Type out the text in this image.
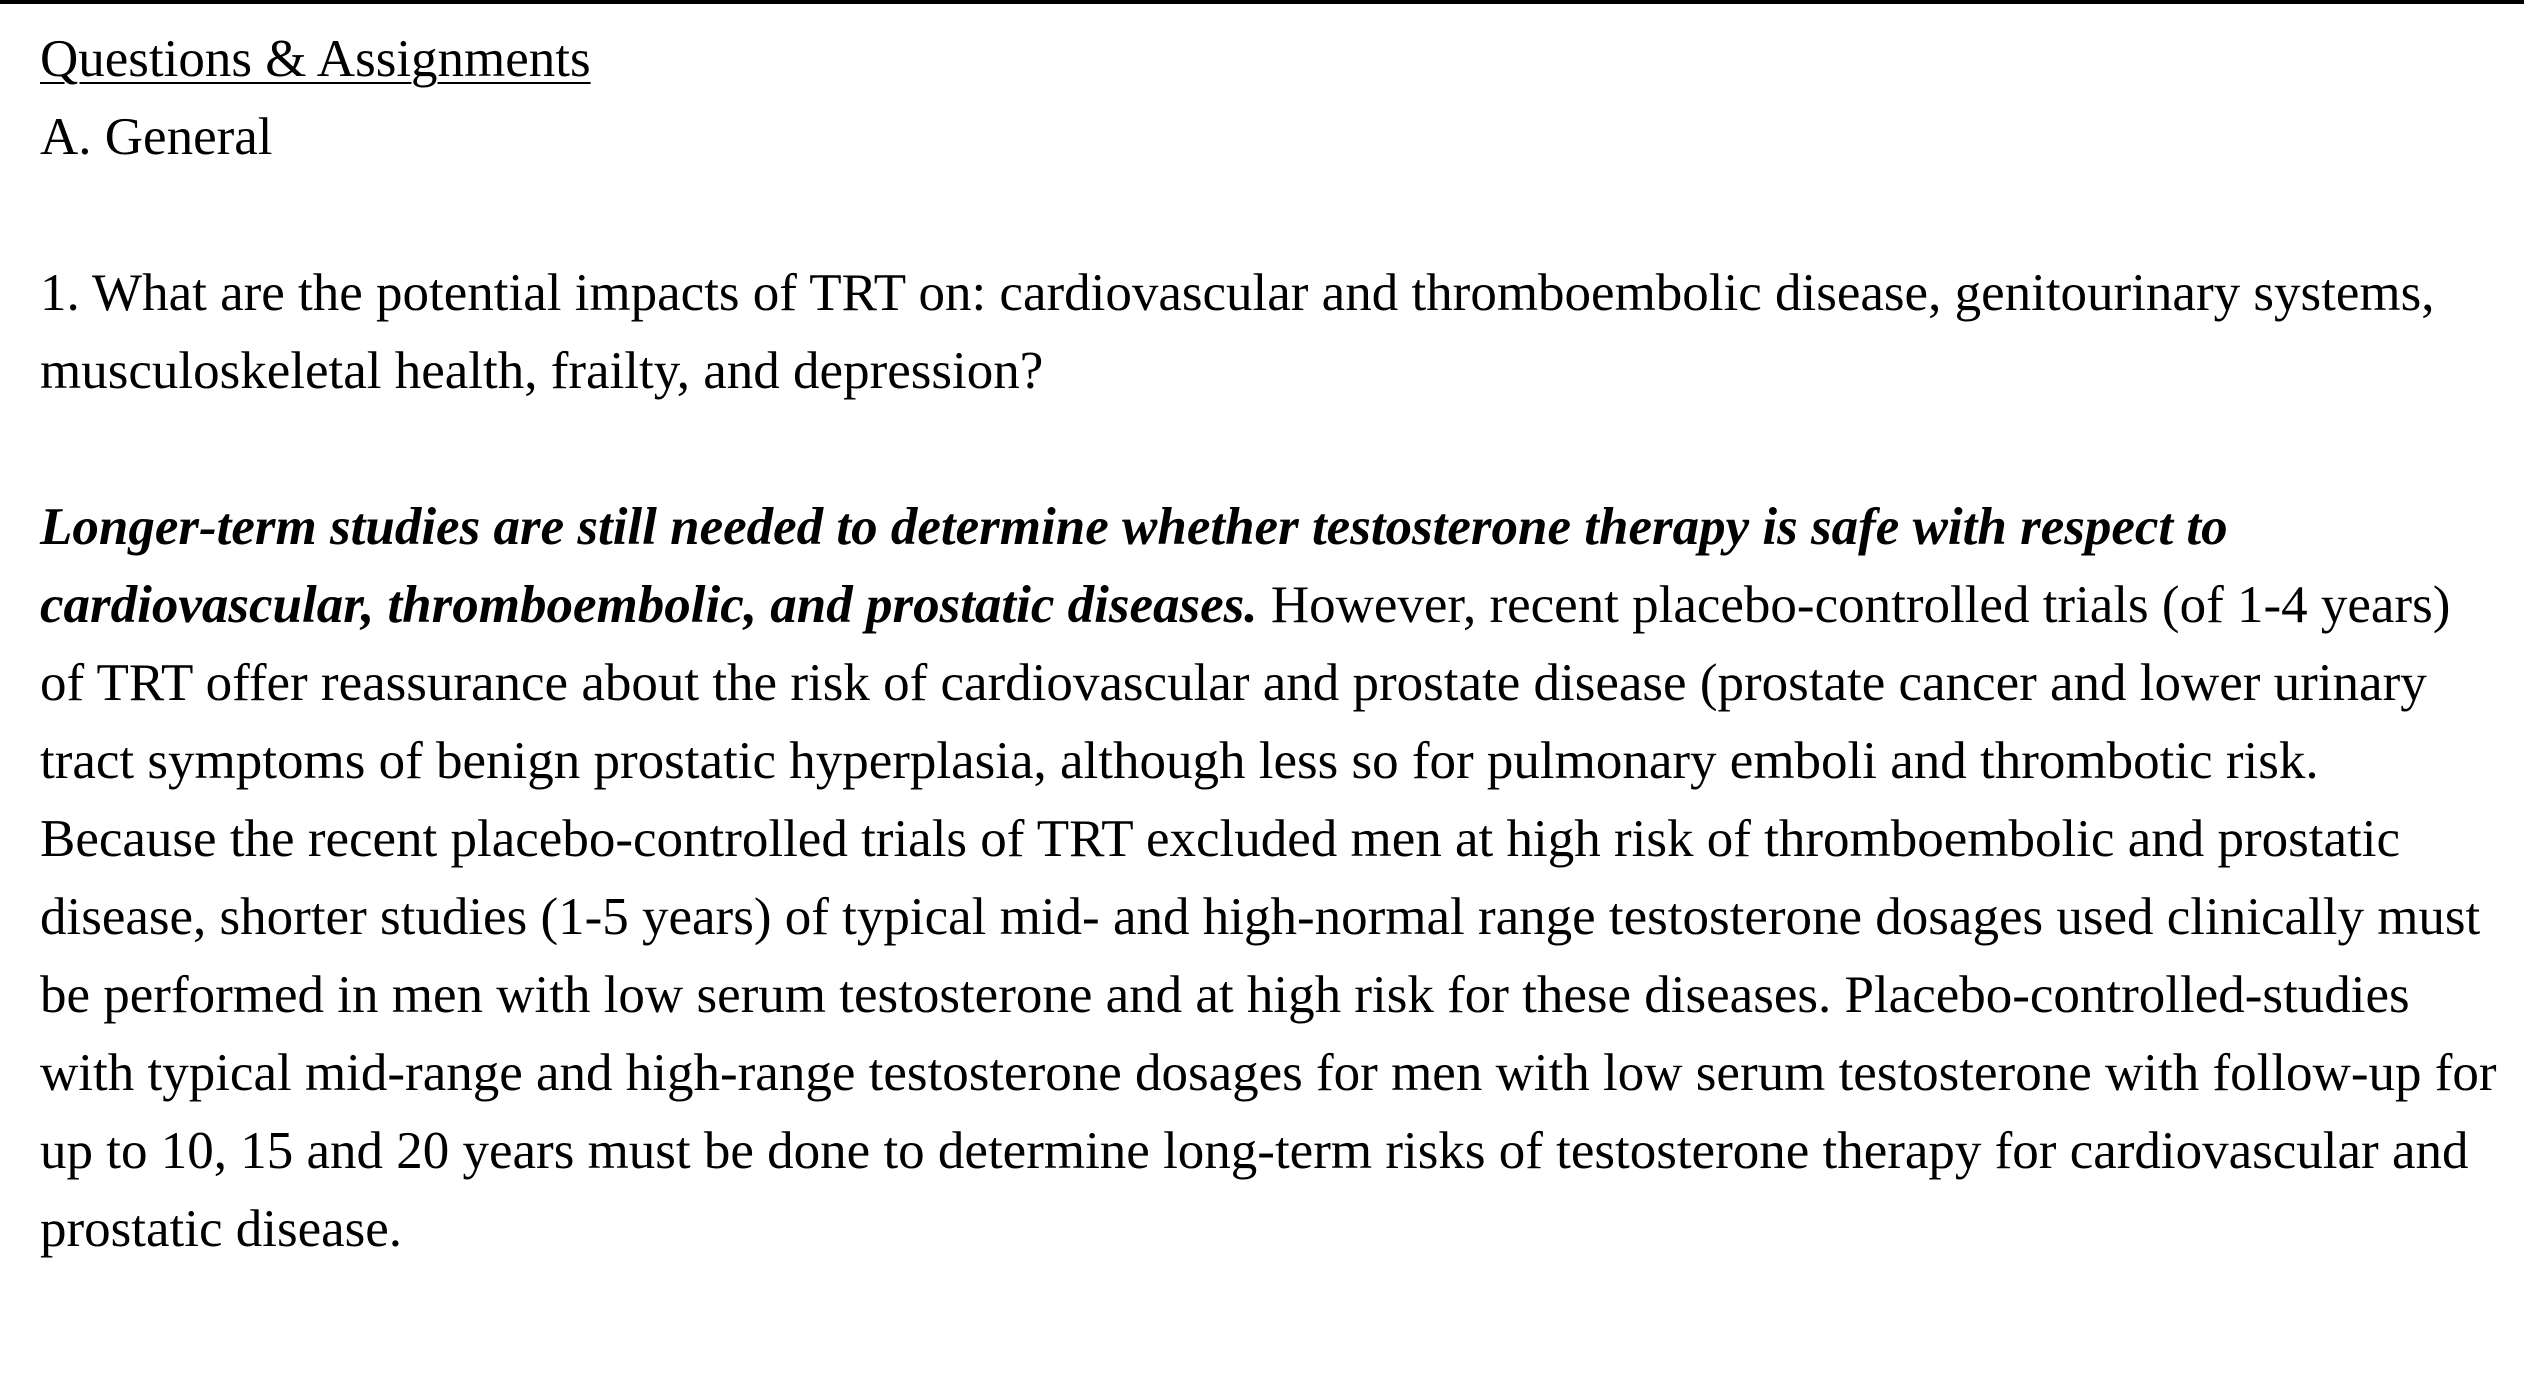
Questions & Assignments

A. General

1. What are the potential impacts of TRT on: cardiovascular and thromboembolic disease, genitourinary systems, musculoskeletal health, frailty, and depression?

Longer-term studies are still needed to determine whether testosterone therapy is safe with respect to cardiovascular, thromboembolic, and prostatic diseases. However, recent placebo-controlled trials (of 1-4 years) of TRT offer reassurance about the risk of cardiovascular and prostate disease (prostate cancer and lower urinary tract symptoms of benign prostatic hyperplasia, although less so for pulmonary emboli and thrombotic risk. Because the recent placebo-controlled trials of TRT excluded men at high risk of thromboembolic and prostatic disease, shorter studies (1-5 years) of typical mid- and high-normal range testosterone dosages used clinically must be performed in men with low serum testosterone and at high risk for these diseases. Placebo-controlled-studies with typical mid-range and high-range testosterone dosages for men with low serum testosterone with follow-up for up to 10, 15 and 20 years must be done to determine long-term risks of testosterone therapy for cardiovascular and prostatic disease.
